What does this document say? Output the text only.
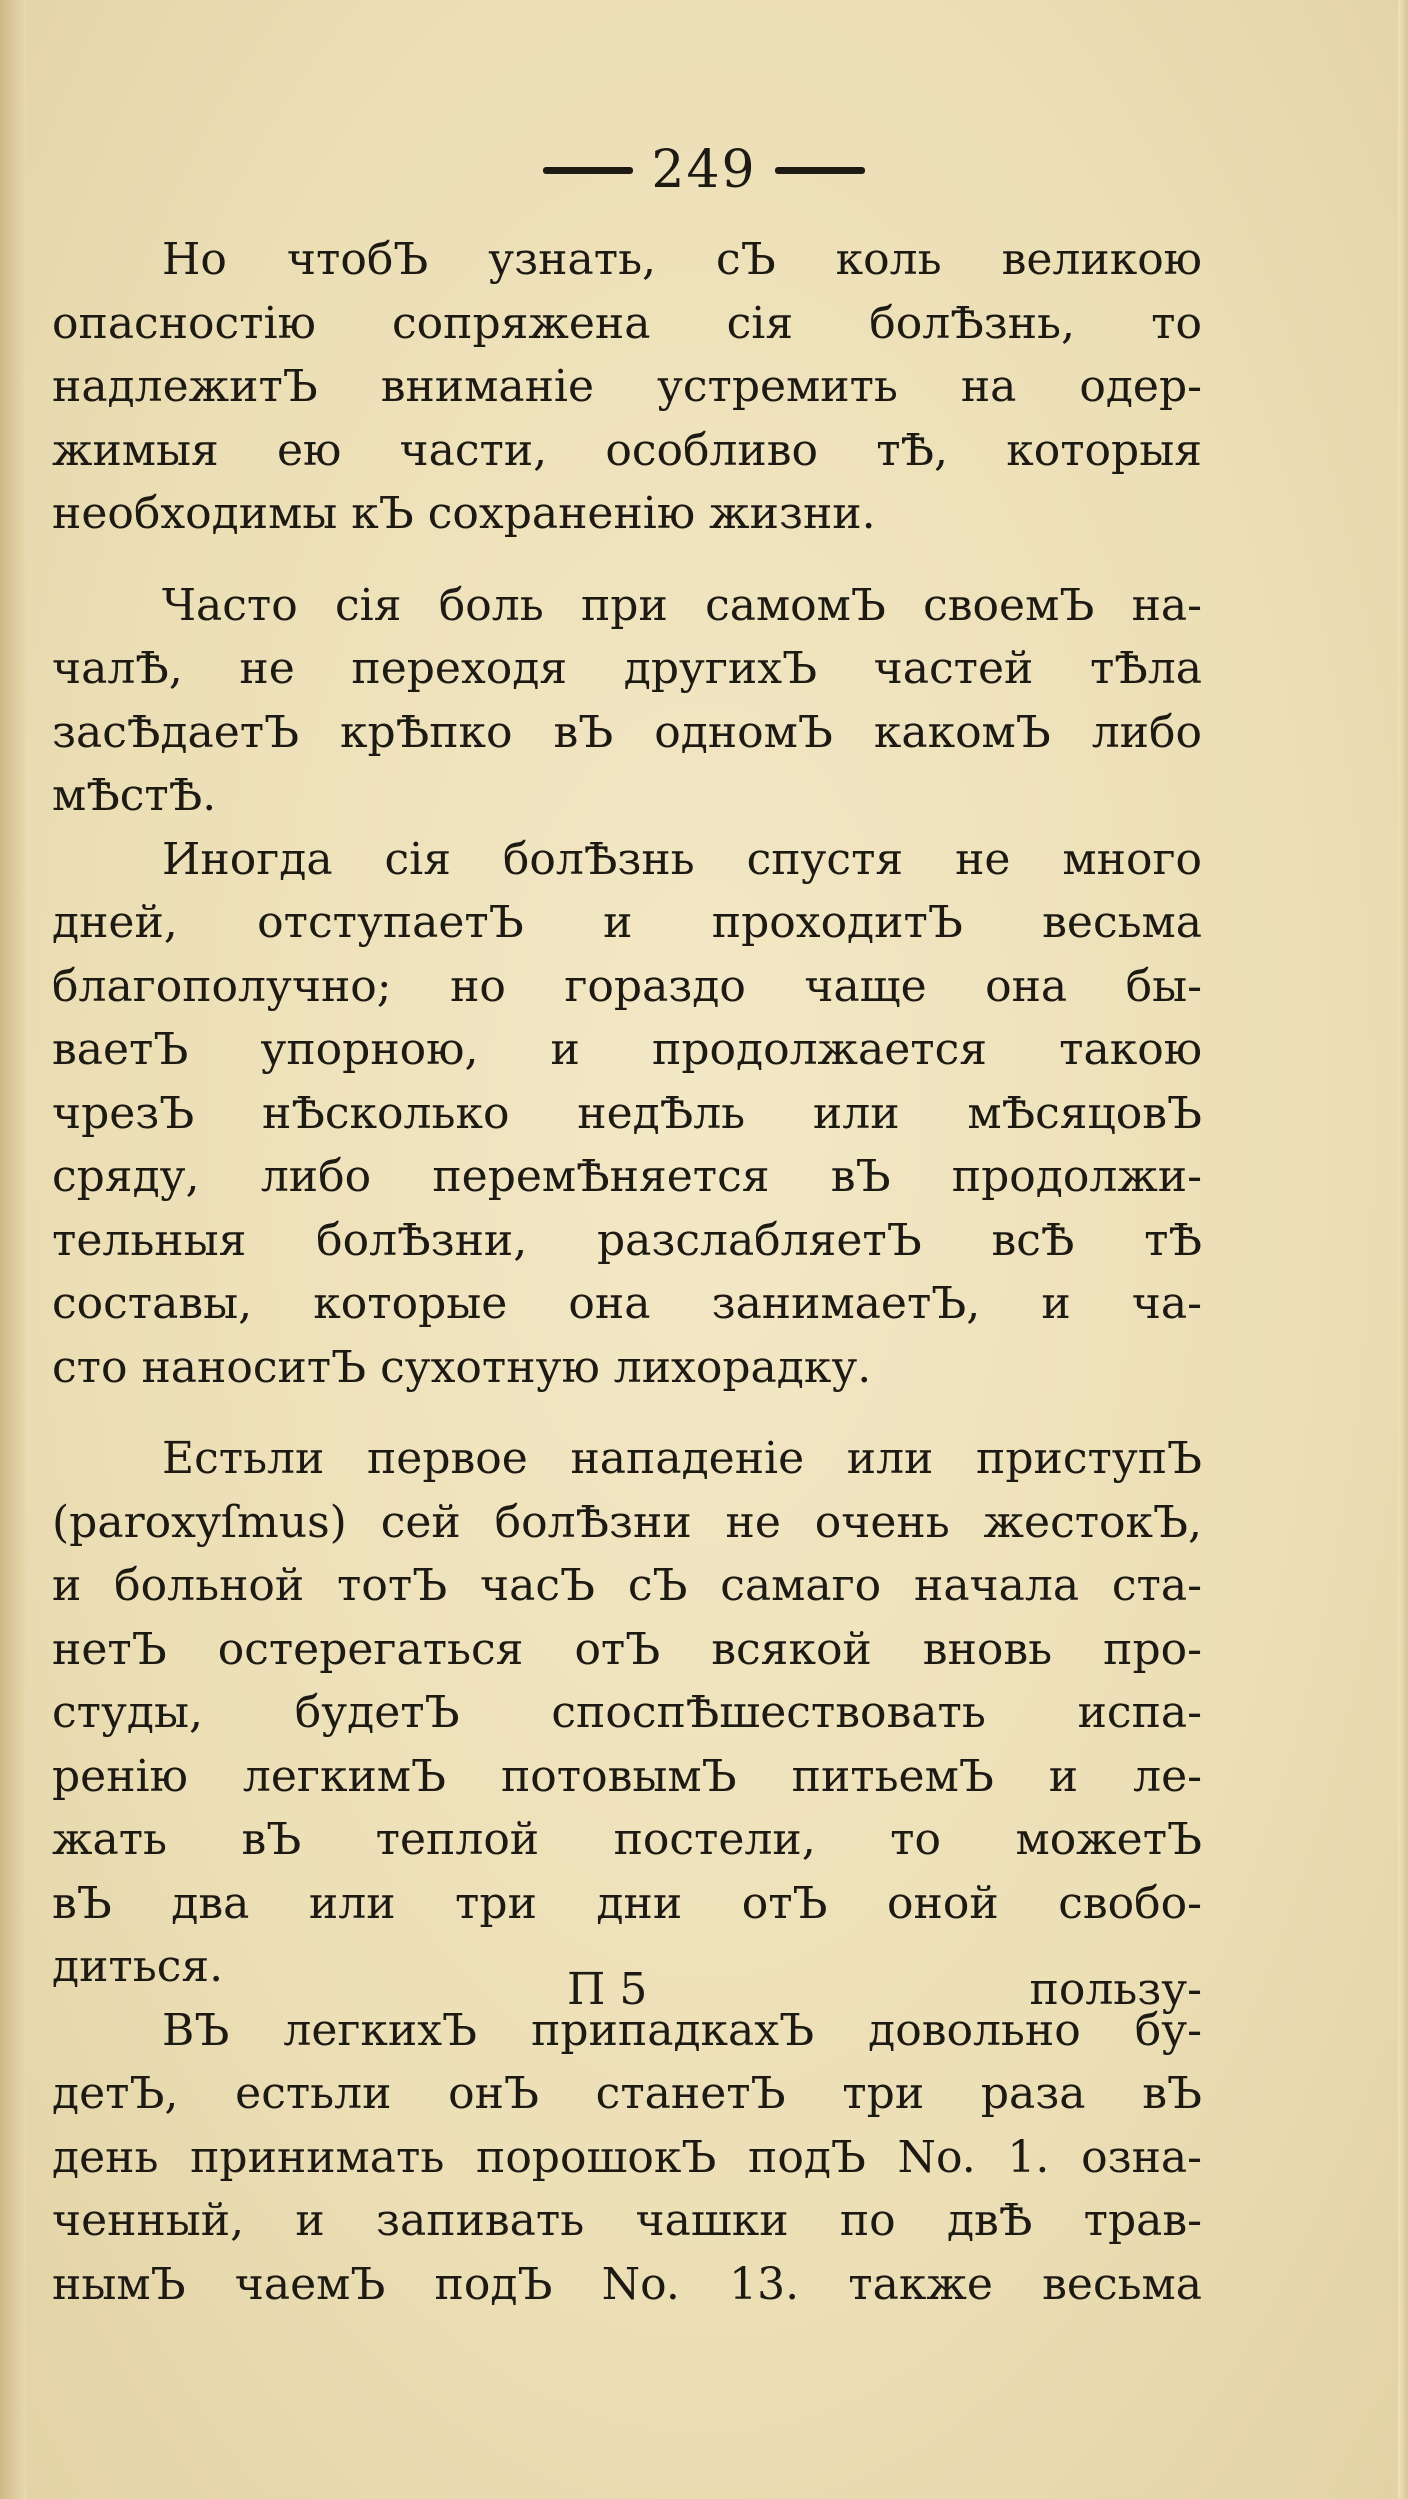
249

Но чтобЪ узнать, сЪ коль великою
опасностію сопряжена сія болѢзнь, то
надлежитЪ вниманіе устремить на одер-
жимыя ею части, особливо тѢ, которыя
необходимы кЪ сохраненію жизни.

Часто сія боль при самомЪ своемЪ на-
чалѢ, не переходя другихЪ частей тѢла
засѢдаетЪ крѢпко вЪ одномЪ какомЪ либо
мѢстѢ.

Иногда сія болѢзнь спустя не много
дней, отступаетЪ и проходитЪ весьма
благополучно; но гораздо чаще она бы-
ваетЪ упорною, и продолжается такою
чрезЪ нѢсколько недѢль или мѢсяцовЪ
сряду, либо перемѢняется вЪ продолжи-
тельныя болѢзни, разслабляетЪ всѢ тѢ
составы, которые она занимаетЪ, и ча-
сто наноситЪ сухотную лихорадку.

Естьли первое нападеніе или приступЪ
(paroxyſmus) сей болѢзни не очень жестокЪ,
и больной тотЪ часЪ сЪ самаго начала ста-
нетЪ остерегаться отЪ всякой вновь про-
студы, будетЪ споспѢшествовать испа-
ренію легкимЪ потовымЪ питьемЪ и ле-
жать вЪ теплой постели, то можетЪ
вЪ два или три дни отЪ оной свобо-
диться.

ВЪ легкихЪ припадкахЪ довольно бу-
детЪ, естьли онЪ станетЪ три раза вЪ
день принимать порошокЪ подЪ No. 1. озна-
ченный, и запивать чашки по двѢ трав-
нымЪ чаемЪ подЪ No. 13. также весьма

П 5	пользу-
